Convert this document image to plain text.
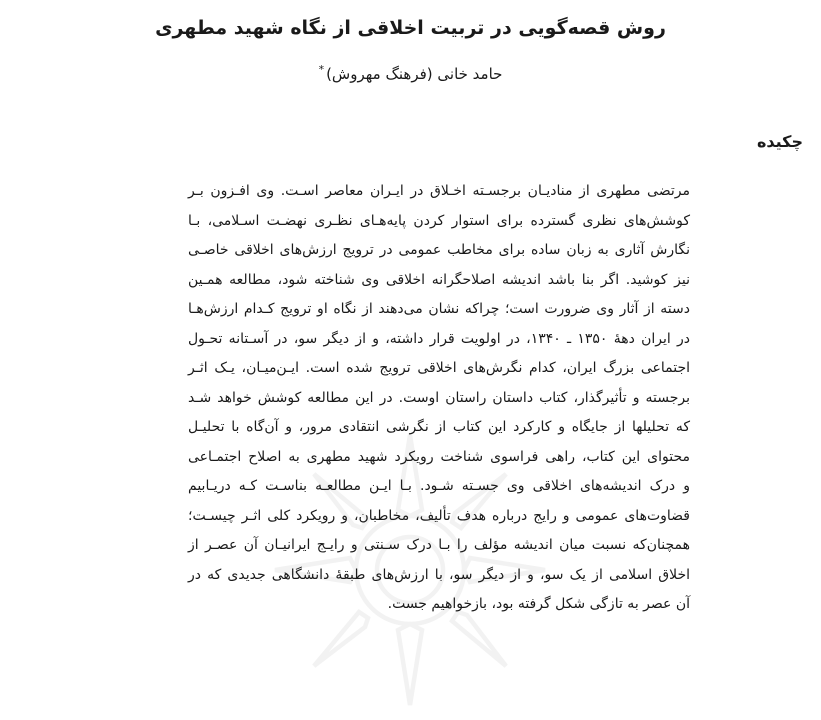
روش قصه‌گویی در تربیت اخلاقی از نگاه شهید مطهری
حامد خانی (فرهنگ مهروش)*
چکیده
مرتضی مطهری از منادیـان برجسـته اخـلاق در ایـران معاصر اسـت. وی افـزون بـر
کوشش‌های نظری گسترده برای استوار کردن پایه‌هـای نظـری نهضـت اسـلامی، بـا
نگارش آثاری به زبان ساده برای مخاطب عمومی در ترویج ارزش‌های اخلاقی خاصـی
نیز کوشید. اگر بنا باشد اندیشه اصلاحگرانه اخلاقی وی شناخته شود، مطالعه همـین
دسته از آثار وی ضرورت است؛ چراکه نشان می‌دهند از نگاه او ترویج کـدام ارزش‌هـا
در ایران دههٔ ۱۳۵۰ ـ ۱۳۴۰، در اولویت قرار داشته، و از دیگر سو، در آسـتانه تحـول
اجتماعی بزرگ ایران، کدام نگرش‌های اخلاقی ترویج شده است. ایـن‌میـان، یـک اثـر
برجسته و تأثیرگذار، کتاب داستان راستان اوست. در این مطالعه کوشش خواهد شـد
که تحلیلها از جایگاه و کارکرد این کتاب از نگرشی انتقادی مرور، و آن‌گاه با تحلیـل
محتوای این کتاب، راهی فراسوی شناخت رویکرد شهید مطهری به اصلاح اجتمـاعی
و درک اندیشه‌های اخلاقی وی جسـته شـود. بـا ایـن مطالعـه بناسـت کـه دریـابیم
قضاوت‌های عمومی و رایج درباره هدف تألیف، مخاطبان، و رویکرد کلی اثـر چیسـت؛
همچنان‌که نسبت میان اندیشه مؤلف را بـا درک سـنتی و رایـج ایرانیـان آن عصـر از
اخلاق اسلامی از یک سو، و از دیگر سو، با ارزش‌های طبقهٔ دانشگاهی جدیدی که در
آن عصر به تازگی شکل گرفته بود، بازخواهیم جست.
